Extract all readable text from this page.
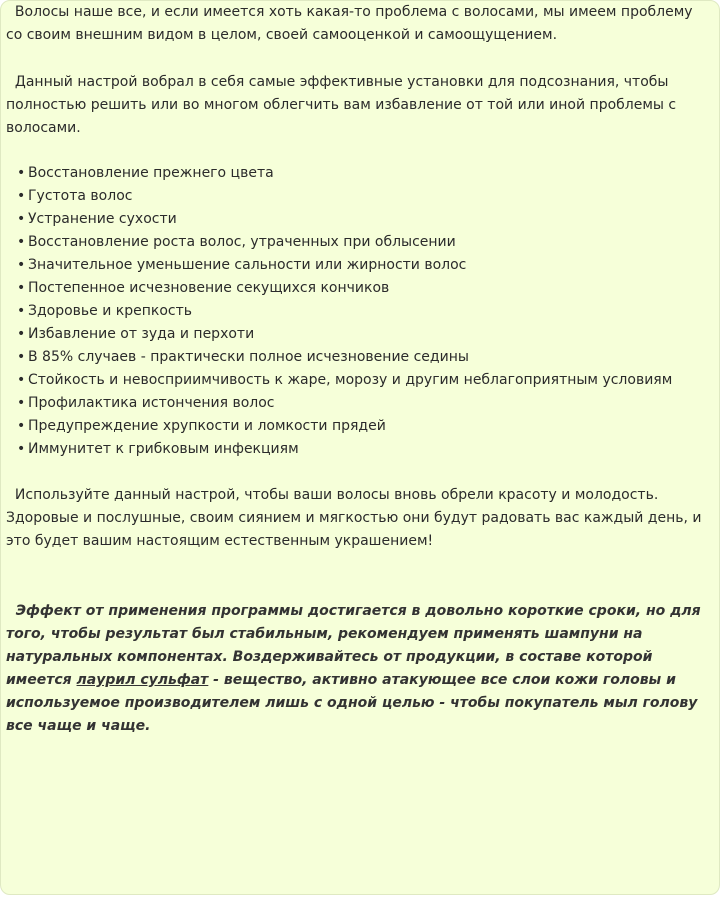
Волосы наше все, и если имеется хоть какая-то проблема с волосами, мы имеем проблему со своим внешним видом в целом, своей самооценкой и самоощущением.

Данный настрой вобрал в себя самые эффективные установки для подсознания, чтобы полностью решить или во многом облегчить вам избавление от той или иной проблемы с волосами.

• Восстановление прежнего цвета
• Густота волос
• Устранение сухости
• Восстановление роста волос, утраченных при облысении
• Значительное уменьшение сальности или жирности волос
• Постепенное исчезновение секущихся кончиков
• Здоровье и крепкость
• Избавление от зуда и перхоти
• В 85% случаев - практически полное исчезновение седины
• Стойкость и невосприимчивость к жаре, морозу и другим неблагоприятным условиям
• Профилактика истончения волос
• Предупреждение хрупкости и ломкости прядей
• Иммунитет к грибковым инфекциям

Используйте данный настрой, чтобы ваши волосы вновь обрели красоту и молодость. Здоровые и послушные, своим сиянием и мягкостью они будут радовать вас каждый день, и это будет вашим настоящим естественным украшением!

Эффект от применения программы достигается в довольно короткие сроки, но для того, чтобы результат был стабильным, рекомендуем применять шампуни на натуральных компонентах. Воздерживайтесь от продукции, в составе которой имеется лаурил сульфат - вещество, активно атакующее все слои кожи головы и используемое производителем лишь с одной целью - чтобы покупатель мыл голову все чаще и чаще.
